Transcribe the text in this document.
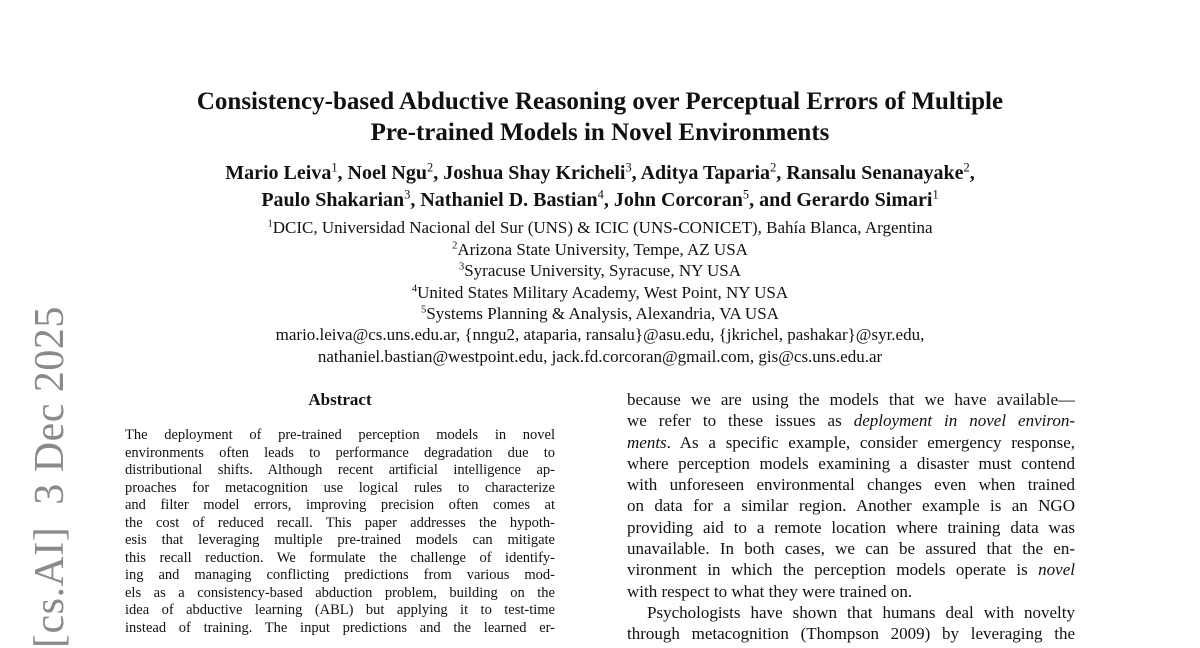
[cs.AI]3 Dec 2025
Consistency-based Abductive Reasoning over Perceptual Errors of Multiple
Pre-trained Models in Novel Environments
Mario Leiva$^1$, Noel Ngu$^2$, Joshua Shay Kricheli$^3$, Aditya Taparia$^2$, Ransalu Senanayake$^2$,
Paulo Shakarian$^3$, Nathaniel D. Bastian$^4$, John Corcoran$^5$, and Gerardo Simari$^1$
$^1$DCIC, Universidad Nacional del Sur (UNS) & ICIC (UNS-CONICET), Bahía Blanca, Argentina
$^2$Arizona State University, Tempe, AZ USA
$^3$Syracuse University, Syracuse, NY USA
$^4$United States Military Academy, West Point, NY USA
$^5$Systems Planning & Analysis, Alexandria, VA USA
mario.leiva@cs.uns.edu.ar, {nngu2, ataparia, ransalu}@asu.edu, {jkrichel, pashakar}@syr.edu,
nathaniel.bastian@westpoint.edu, jack.fd.corcoran@gmail.com, gis@cs.uns.edu.ar
Abstract
The deployment of pre-trained perception models in novel
environments often leads to performance degradation due to
distributional shifts. Although recent artificial intelligence ap-
proaches for metacognition use logical rules to characterize
and filter model errors, improving precision often comes at
the cost of reduced recall. This paper addresses the hypoth-
esis that leveraging multiple pre-trained models can mitigate
this recall reduction. We formulate the challenge of identify-
ing and managing conflicting predictions from various mod-
els as a consistency-based abduction problem, building on the
idea of abductive learning (ABL) but applying it to test-time
instead of training. The input predictions and the learned er-
because we are using the models that we have available—
we refer to these issues as deployment in novel environ-
ments. As a specific example, consider emergency response,
where perception models examining a disaster must contend
with unforeseen environmental changes even when trained
on data for a similar region. Another example is an NGO
providing aid to a remote location where training data was
unavailable. In both cases, we can be assured that the en-
vironment in which the perception models operate is novel
with respect to what they were trained on.
Psychologists have shown that humans deal with novelty
through metacognition (Thompson 2009) by leveraging the
